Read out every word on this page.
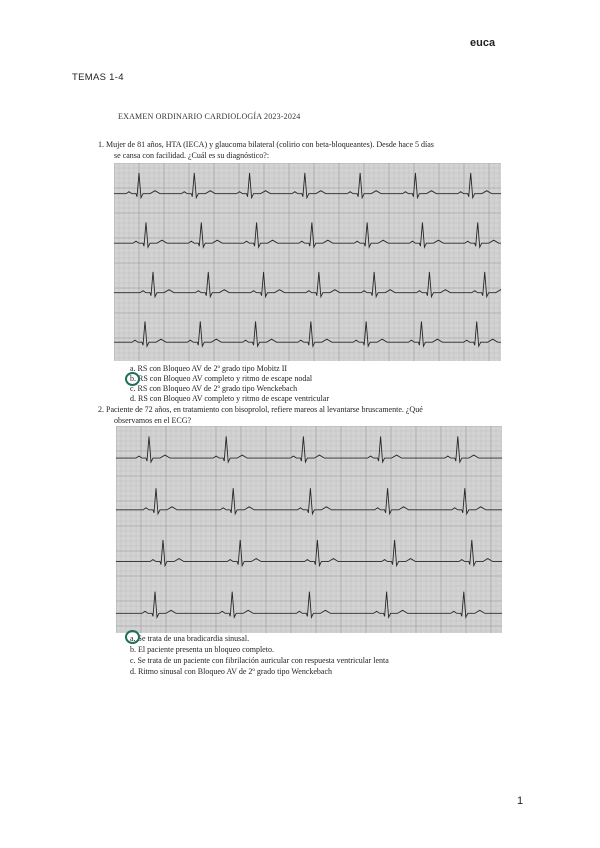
euca
TEMAS 1-4
EXAMEN ORDINARIO CARDIOLOGÍA 2023-2024
1. Mujer de 81 años, HTA (IECA) y glaucoma bilateral (colirio con beta-bloqueantes). Desde hace 5 días
se cansa con facilidad. ¿Cuál es su diagnóstico?:
a. RS con Bloqueo AV de 2º grado tipo Mobitz II
b. RS con Bloqueo AV completo y ritmo de escape nodal
c. RS con Bloqueo AV de 2º grado tipo Wenckebach
d. RS con Bloqueo AV completo y ritmo de escape ventricular
2. Paciente de 72 años, en tratamiento con bisoprolol, refiere mareos al levantarse bruscamente. ¿Qué
observamos en el ECG?
a. Se trata de una bradicardia sinusal.
b. El paciente presenta un bloqueo completo.
c. Se trata de un paciente con fibrilación auricular con respuesta ventricular lenta
d. Ritmo sinusal con Bloqueo AV de 2º grado tipo Wenckebach
1
